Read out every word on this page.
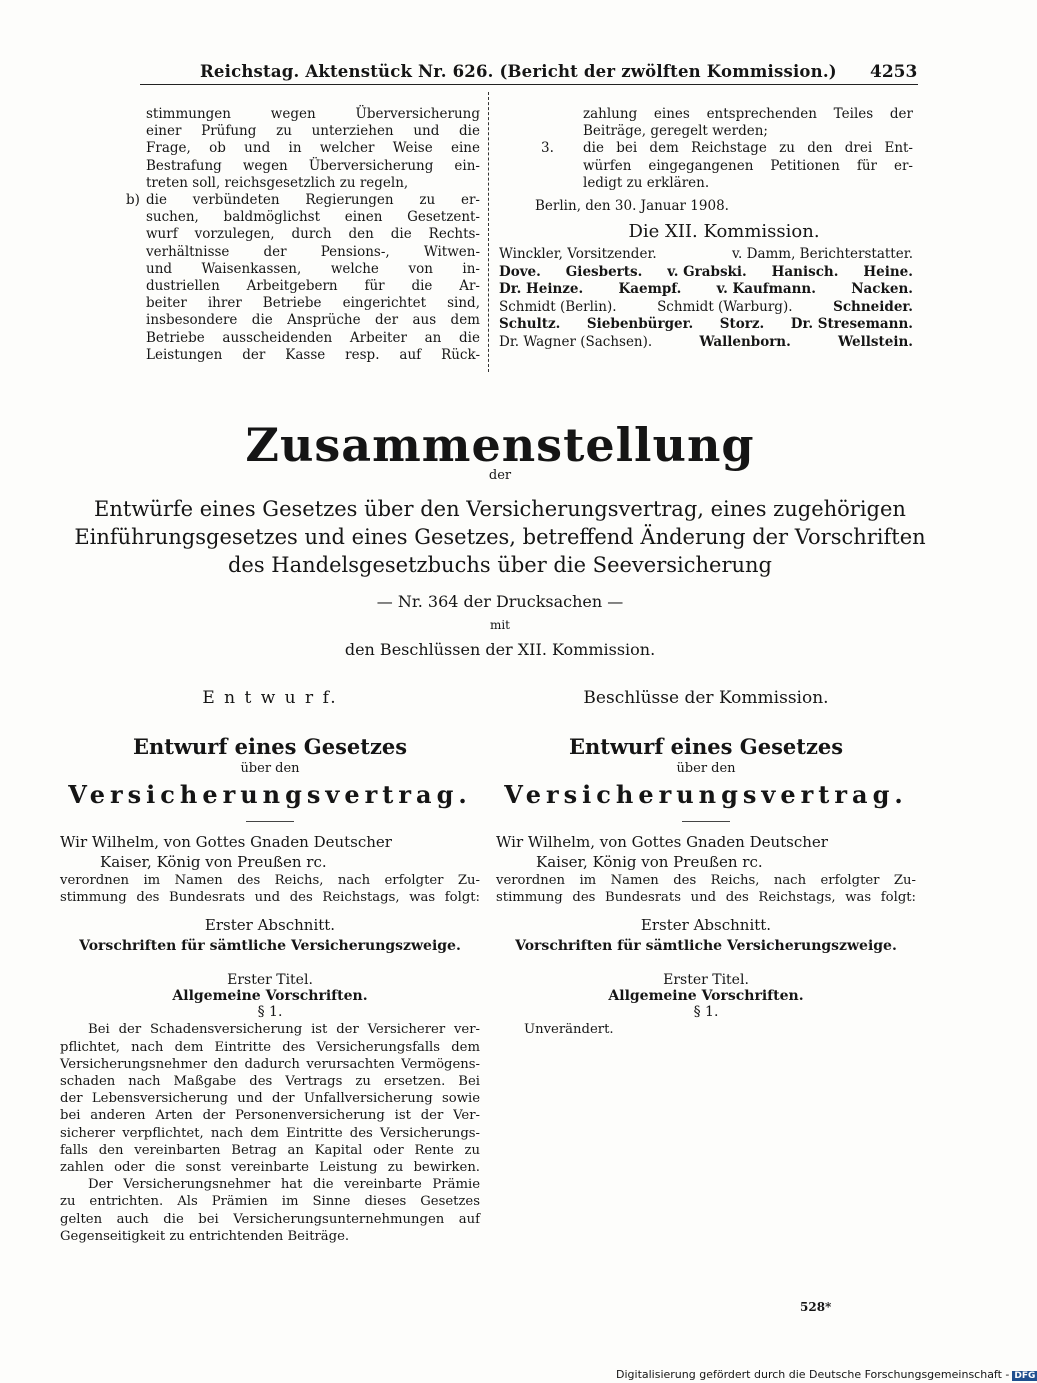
Reichstag. Aktenstück Nr. 626. (Bericht der zwölften Kommission.) 4253
stimmungen wegen Überversicherung
einer Prüfung zu unterziehen und die
Frage, ob und in welcher Weise eine
Bestrafung wegen Überversicherung ein-
treten soll, reichsgesetzlich zu regeln,
b) die verbündeten Regierungen zu er-
suchen, baldmöglichst einen Gesetzent-
wurf vorzulegen, durch den die Rechts-
verhältnisse der Pensions-, Witwen-
und Waisenkassen, welche von in-
dustriellen Arbeitgebern für die Ar-
beiter ihrer Betriebe eingerichtet sind,
insbesondere die Ansprüche der aus dem
Betriebe ausscheidenden Arbeiter an die
Leistungen der Kasse resp. auf Rück-
zahlung eines entsprechenden Teiles der
Beiträge, geregelt werden;
3. die bei dem Reichstage zu den drei Ent-
würfen eingegangenen Petitionen für er-
ledigt zu erklären.
Berlin, den 30. Januar 1908.
Die XII. Kommission.
Winckler, Vorsitzender.	v. Damm, Berichterstatter.
Dove. Giesberts. v. Grabski. Hanisch. Heine.
Dr. Heinze.	Kaempf.	v. Kaufmann.	Nacken.
Schmidt (Berlin).	Schmidt (Warburg).	Schneider.
Schultz. Siebenbürger. Storz. Dr. Stresemann.
Dr. Wagner (Sachsen).	Wallenborn.	Wellstein.
Zusammenstellung
der
Entwürfe eines Gesetzes über den Versicherungsvertrag, eines zugehörigen
Einführungsgesetzes und eines Gesetzes, betreffend Änderung der Vorschriften
des Handelsgesetzbuchs über die Seeversicherung
— Nr. 364 der Drucksachen —
mit
den Beschlüssen der XII. Kommission.
E n t w u r f.
Entwurf eines Gesetzes
über den
Versicherungsvertrag.
Wir Wilhelm, von Gottes Gnaden Deutscher
Kaiser, König von Preußen rc.
verordnen im Namen des Reichs, nach erfolgter Zu-
stimmung des Bundesrats und des Reichstags, was folgt:
Erster Abschnitt.
Vorschriften für sämtliche Versicherungszweige.
Erster Titel.
Allgemeine Vorschriften.
§ 1.
Bei der Schadensversicherung ist der Versicherer ver-
pflichtet, nach dem Eintritte des Versicherungsfalls dem
Versicherungsnehmer den dadurch verursachten Vermögens-
schaden nach Maßgabe des Vertrags zu ersetzen. Bei
der Lebensversicherung und der Unfallversicherung sowie
bei anderen Arten der Personenversicherung ist der Ver-
sicherer verpflichtet, nach dem Eintritte des Versicherungs-
falls den vereinbarten Betrag an Kapital oder Rente zu
zahlen oder die sonst vereinbarte Leistung zu bewirken.
Der Versicherungsnehmer hat die vereinbarte Prämie
zu entrichten. Als Prämien im Sinne dieses Gesetzes
gelten auch die bei Versicherungsunternehmungen auf
Gegenseitigkeit zu entrichtenden Beiträge.
Beschlüsse der Kommission.
Entwurf eines Gesetzes
über den
Versicherungsvertrag.
Wir Wilhelm, von Gottes Gnaden Deutscher
Kaiser, König von Preußen rc.
verordnen im Namen des Reichs, nach erfolgter Zu-
stimmung des Bundesrats und des Reichstags, was folgt:
Erster Abschnitt.
Vorschriften für sämtliche Versicherungszweige.
Erster Titel.
Allgemeine Vorschriften.
§ 1.
Unverändert.
528*
Digitalisierung gefördert durch die Deutsche Forschungsgemeinschaft - DFG
